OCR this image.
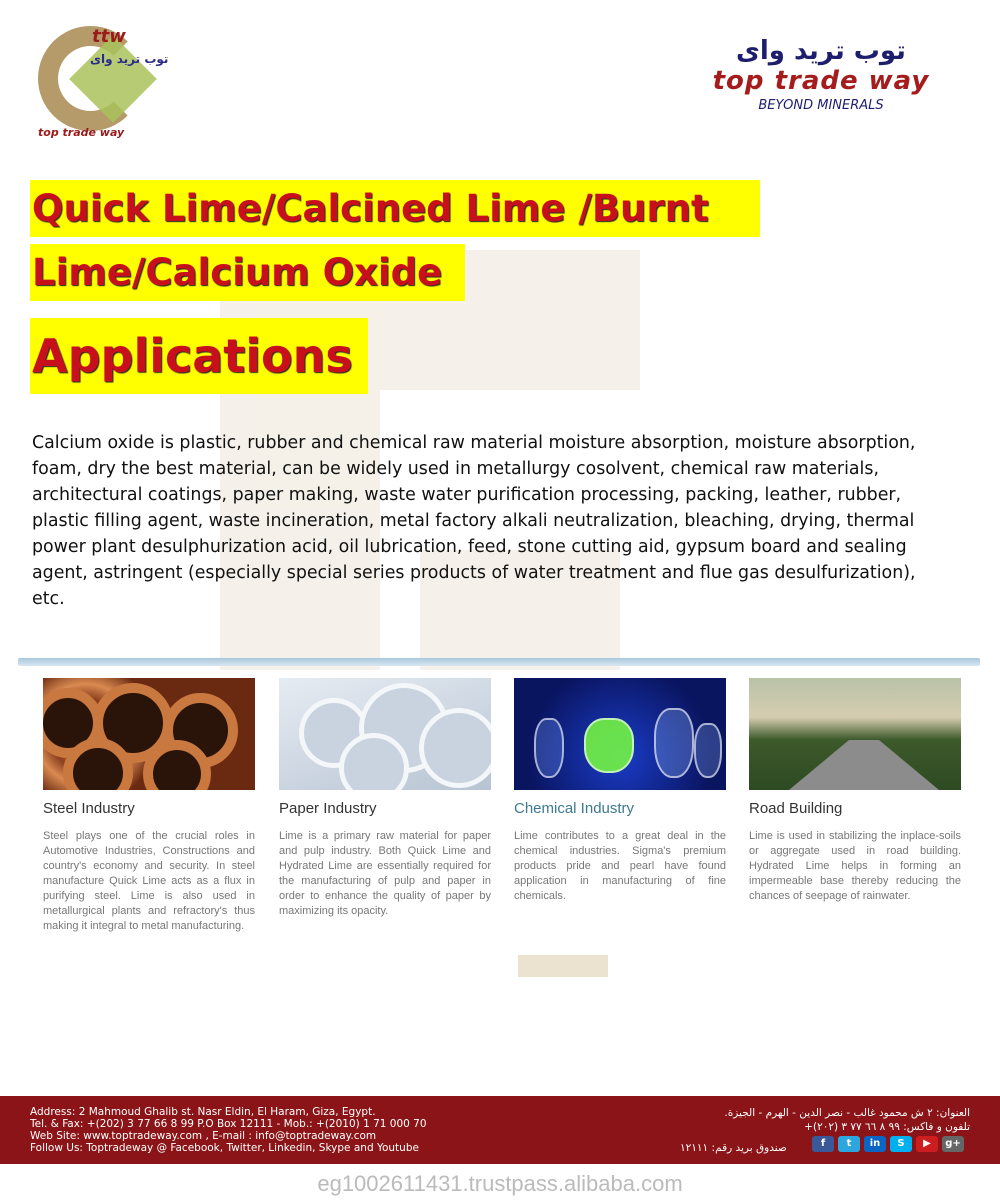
ttw
توب تريد واى
top trade way
توب تريد واى
top trade way
BEYOND MINERALS
Quick Lime/Calcined Lime /Burnt
Lime/Calcium Oxide
Applications

Calcium oxide is plastic, rubber and chemical raw material moisture absorption, moisture absorption, foam, dry the best material, can be widely used in metallurgy cosolvent, chemical raw materials, architectural coatings, paper making, waste water purification processing, packing, leather, rubber, plastic filling agent, waste incineration, metal factory alkali neutralization, bleaching, drying, thermal power plant desulphurization acid, oil lubrication, feed, stone cutting aid, gypsum board and sealing agent, astringent (especially special series products of water treatment and flue gas desulfurization), etc.

Steel Industry
Steel plays one of the crucial roles in Automotive Industries, Constructions and country's economy and security. In steel manufacture Quick Lime acts as a flux in purifying steel. Lime is also used in metallurgical plants and refractory's thus making it integral to metal manufacturing.
Paper Industry
Lime is a primary raw material for paper and pulp industry. Both Quick Lime and Hydrated Lime are essentially required for the manufacturing of pulp and paper in order to enhance the quality of paper by maximizing its opacity.
Chemical Industry
Lime contributes to a great deal in the chemical industries. Sigma's premium products pride and pearl have found application in manufacturing of fine chemicals.
Road Building
Lime is used in stabilizing the inplace-soils or aggregate used in road building. Hydrated Lime helps in forming an impermeable base thereby reducing the chances of seepage of rainwater.
Address: 2 Mahmoud Ghalib st. Nasr Eldin, El Haram, Giza, Egypt.
Tel. & Fax: +(202) 3 77 66 8 99 P.O Box 12111 - Mob.: +(2010) 1 71 000 70
Web Site: www.toptradeway.com , E-mail : info@toptradeway.com
Follow Us: Toptradeway @ Facebook, Twitter, Linkedin, Skype and Youtube
العنوان: ٢ ش محمود غالب - نصر الدين - الهرم - الجيزة.
تلفون و فاكس: ٩٩ ٨ ٦٦ ٧٧ ٣ (٢٠٢)+
صندوق بريد رقم: ١٢١١١	f	t	in	S	▶	g+
eg1002611431.trustpass.alibaba.com
